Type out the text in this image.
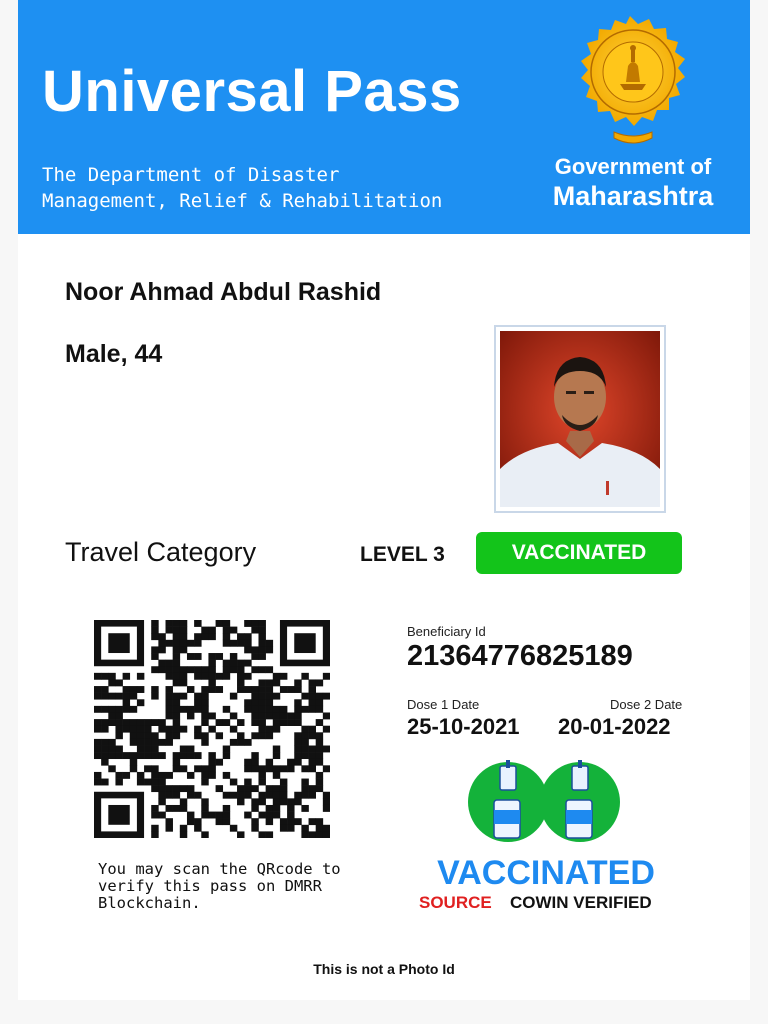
Universal Pass
The Department of Disaster
Management, Relief & Rehabilitation
Government of
Maharashtra
Noor Ahmad Abdul Rashid
Male, 44
Travel Category	LEVEL 3	VACCINATED
You may scan the QRcode to verify this pass on DMRR Blockchain.
Beneficiary Id
21364776825189
Dose 1 Date	Dose 2 Date
25-10-2021 20-01-2022
VACCINATED
SOURCE COWIN VERIFIED
This is not a Photo Id
